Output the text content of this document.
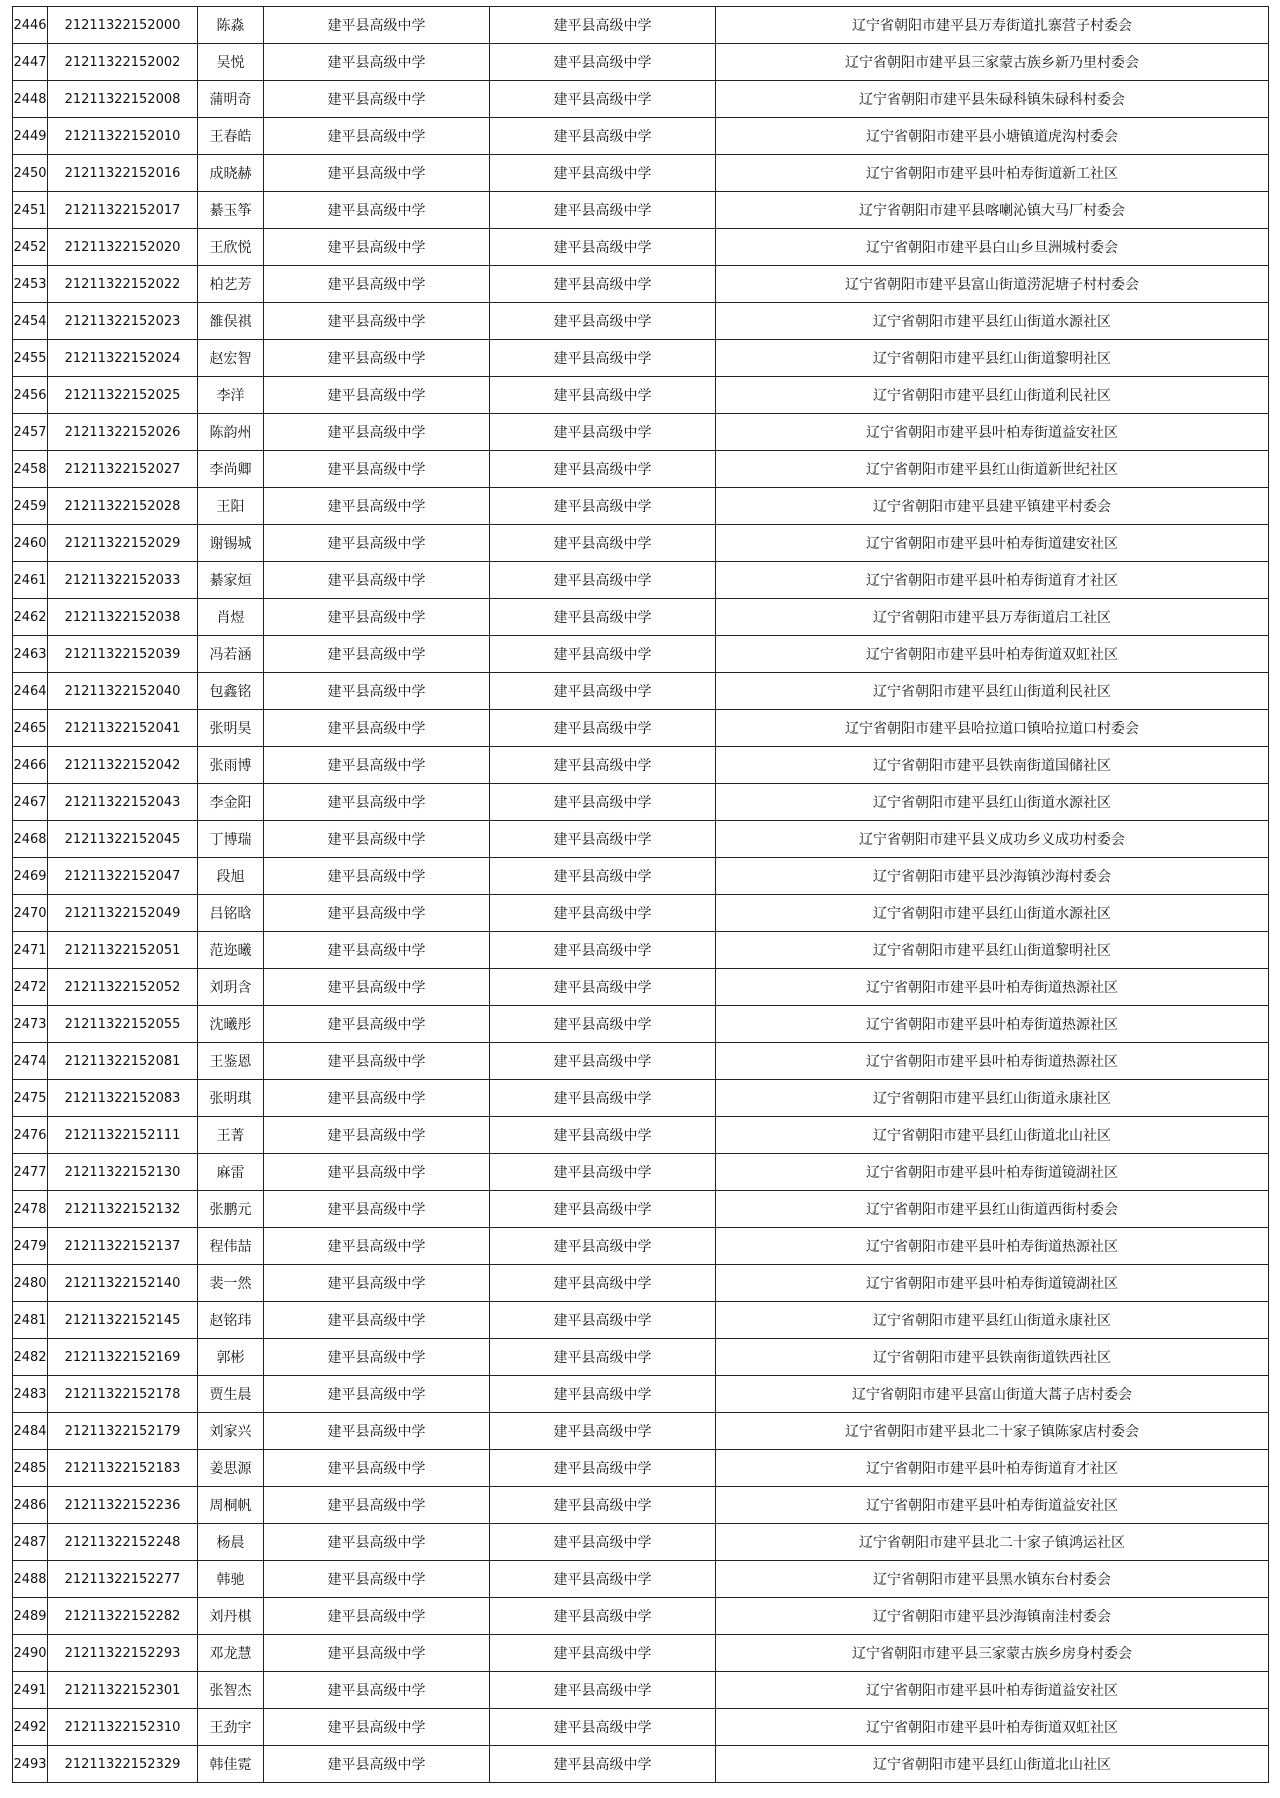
2446	21211322152000	陈淼	建平县高级中学	建平县高级中学	辽宁省朝阳市建平县万寿街道扎寨营子村委会
2447	21211322152002	吴悦	建平县高级中学	建平县高级中学	辽宁省朝阳市建平县三家蒙古族乡新乃里村委会
2448	21211322152008	蒲明奇	建平县高级中学	建平县高级中学	辽宁省朝阳市建平县朱碌科镇朱碌科村委会
2449	21211322152010	王春皓	建平县高级中学	建平县高级中学	辽宁省朝阳市建平县小塘镇道虎沟村委会
2450	21211322152016	成晓赫	建平县高级中学	建平县高级中学	辽宁省朝阳市建平县叶柏寿街道新工社区
2451	21211322152017	綦玉筝	建平县高级中学	建平县高级中学	辽宁省朝阳市建平县喀喇沁镇大马厂村委会
2452	21211322152020	王欣悦	建平县高级中学	建平县高级中学	辽宁省朝阳市建平县白山乡旦洲城村委会
2453	21211322152022	柏艺芳	建平县高级中学	建平县高级中学	辽宁省朝阳市建平县富山街道涝泥塘子村村委会
2454	21211322152023	雒俣祺	建平县高级中学	建平县高级中学	辽宁省朝阳市建平县红山街道水源社区
2455	21211322152024	赵宏智	建平县高级中学	建平县高级中学	辽宁省朝阳市建平县红山街道黎明社区
2456	21211322152025	李洋	建平县高级中学	建平县高级中学	辽宁省朝阳市建平县红山街道利民社区
2457	21211322152026	陈韵州	建平县高级中学	建平县高级中学	辽宁省朝阳市建平县叶柏寿街道益安社区
2458	21211322152027	李尚卿	建平县高级中学	建平县高级中学	辽宁省朝阳市建平县红山街道新世纪社区
2459	21211322152028	王阳	建平县高级中学	建平县高级中学	辽宁省朝阳市建平县建平镇建平村委会
2460	21211322152029	谢锡城	建平县高级中学	建平县高级中学	辽宁省朝阳市建平县叶柏寿街道建安社区
2461	21211322152033	綦家烜	建平县高级中学	建平县高级中学	辽宁省朝阳市建平县叶柏寿街道育才社区
2462	21211322152038	肖煜	建平县高级中学	建平县高级中学	辽宁省朝阳市建平县万寿街道启工社区
2463	21211322152039	冯若涵	建平县高级中学	建平县高级中学	辽宁省朝阳市建平县叶柏寿街道双虹社区
2464	21211322152040	包鑫铭	建平县高级中学	建平县高级中学	辽宁省朝阳市建平县红山街道利民社区
2465	21211322152041	张明昊	建平县高级中学	建平县高级中学	辽宁省朝阳市建平县哈拉道口镇哈拉道口村委会
2466	21211322152042	张雨博	建平县高级中学	建平县高级中学	辽宁省朝阳市建平县铁南街道国储社区
2467	21211322152043	李金阳	建平县高级中学	建平县高级中学	辽宁省朝阳市建平县红山街道水源社区
2468	21211322152045	丁博瑞	建平县高级中学	建平县高级中学	辽宁省朝阳市建平县义成功乡义成功村委会
2469	21211322152047	段旭	建平县高级中学	建平县高级中学	辽宁省朝阳市建平县沙海镇沙海村委会
2470	21211322152049	吕铭晗	建平县高级中学	建平县高级中学	辽宁省朝阳市建平县红山街道水源社区
2471	21211322152051	范迩曦	建平县高级中学	建平县高级中学	辽宁省朝阳市建平县红山街道黎明社区
2472	21211322152052	刘玥含	建平县高级中学	建平县高级中学	辽宁省朝阳市建平县叶柏寿街道热源社区
2473	21211322152055	沈曦彤	建平县高级中学	建平县高级中学	辽宁省朝阳市建平县叶柏寿街道热源社区
2474	21211322152081	王鉴恩	建平县高级中学	建平县高级中学	辽宁省朝阳市建平县叶柏寿街道热源社区
2475	21211322152083	张明琪	建平县高级中学	建平县高级中学	辽宁省朝阳市建平县红山街道永康社区
2476	21211322152111	王菁	建平县高级中学	建平县高级中学	辽宁省朝阳市建平县红山街道北山社区
2477	21211322152130	麻雷	建平县高级中学	建平县高级中学	辽宁省朝阳市建平县叶柏寿街道镜湖社区
2478	21211322152132	张鹏元	建平县高级中学	建平县高级中学	辽宁省朝阳市建平县红山街道西街村委会
2479	21211322152137	程伟喆	建平县高级中学	建平县高级中学	辽宁省朝阳市建平县叶柏寿街道热源社区
2480	21211322152140	裴一然	建平县高级中学	建平县高级中学	辽宁省朝阳市建平县叶柏寿街道镜湖社区
2481	21211322152145	赵铭玮	建平县高级中学	建平县高级中学	辽宁省朝阳市建平县红山街道永康社区
2482	21211322152169	郭彬	建平县高级中学	建平县高级中学	辽宁省朝阳市建平县铁南街道铁西社区
2483	21211322152178	贾生晨	建平县高级中学	建平县高级中学	辽宁省朝阳市建平县富山街道大蒿子店村委会
2484	21211322152179	刘家兴	建平县高级中学	建平县高级中学	辽宁省朝阳市建平县北二十家子镇陈家店村委会
2485	21211322152183	姜思源	建平县高级中学	建平县高级中学	辽宁省朝阳市建平县叶柏寿街道育才社区
2486	21211322152236	周桐帆	建平县高级中学	建平县高级中学	辽宁省朝阳市建平县叶柏寿街道益安社区
2487	21211322152248	杨晨	建平县高级中学	建平县高级中学	辽宁省朝阳市建平县北二十家子镇鸿运社区
2488	21211322152277	韩驰	建平县高级中学	建平县高级中学	辽宁省朝阳市建平县黑水镇东台村委会
2489	21211322152282	刘丹棋	建平县高级中学	建平县高级中学	辽宁省朝阳市建平县沙海镇南洼村委会
2490	21211322152293	邓龙慧	建平县高级中学	建平县高级中学	辽宁省朝阳市建平县三家蒙古族乡房身村委会
2491	21211322152301	张智杰	建平县高级中学	建平县高级中学	辽宁省朝阳市建平县叶柏寿街道益安社区
2492	21211322152310	王劲宇	建平县高级中学	建平县高级中学	辽宁省朝阳市建平县叶柏寿街道双虹社区
2493	21211322152329	韩佳霓	建平县高级中学	建平县高级中学	辽宁省朝阳市建平县红山街道北山社区
